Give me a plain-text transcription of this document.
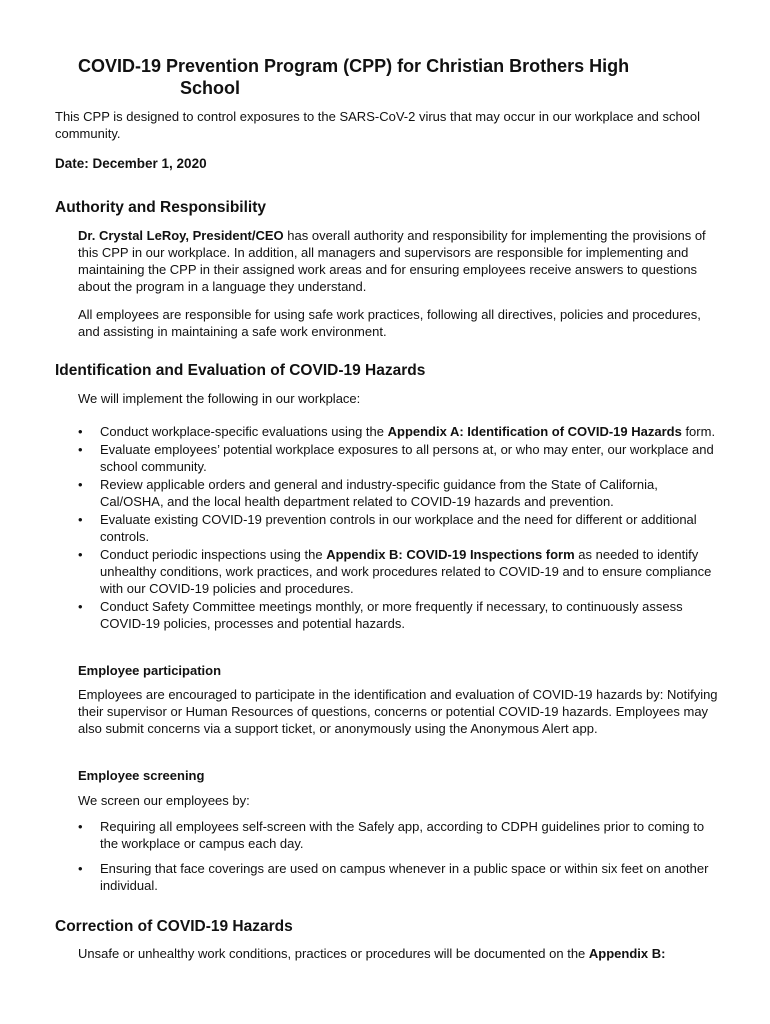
COVID-19 Prevention Program (CPP) for Christian Brothers High
School

This CPP is designed to control exposures to the SARS-CoV-2 virus that may occur in our workplace and school community.

Date: December 1, 2020

Authority and Responsibility

Dr. Crystal LeRoy, President/CEO has overall authority and responsibility for implementing the provisions of this CPP in our workplace. In addition, all managers and supervisors are responsible for implementing and maintaining the CPP in their assigned work areas and for ensuring employees receive answers to questions about the program in a language they understand.

All employees are responsible for using safe work practices, following all directives, policies and procedures, and assisting in maintaining a safe work environment.

Identification and Evaluation of COVID-19 Hazards

We will implement the following in our workplace:

• Conduct workplace-specific evaluations using the Appendix A: Identification of COVID-19 Hazards form.
• Evaluate employees’ potential workplace exposures to all persons at, or who may enter, our workplace and school community.
• Review applicable orders and general and industry-specific guidance from the State of California, Cal/OSHA, and the local health department related to COVID-19 hazards and prevention.
• Evaluate existing COVID-19 prevention controls in our workplace and the need for different or additional controls.
• Conduct periodic inspections using the Appendix B: COVID-19 Inspections form as needed to identify unhealthy conditions, work practices, and work procedures related to COVID-19 and to ensure compliance with our COVID-19 policies and procedures.
• Conduct Safety Committee meetings monthly, or more frequently if necessary, to continuously assess COVID-19 policies, processes and potential hazards.
Employee participation

Employees are encouraged to participate in the identification and evaluation of COVID-19 hazards by: Notifying their supervisor or Human Resources of questions, concerns or potential COVID-19 hazards. Employees may also submit concerns via a support ticket, or anonymously using the Anonymous Alert app.

Employee screening

We screen our employees by:

• Requiring all employees self-screen with the Safely app, according to CDPH guidelines prior to coming to the workplace or campus each day.
• Ensuring that face coverings are used on campus whenever in a public space or within six feet on another individual.
Correction of COVID-19 Hazards

Unsafe or unhealthy work conditions, practices or procedures will be documented on the Appendix B:
